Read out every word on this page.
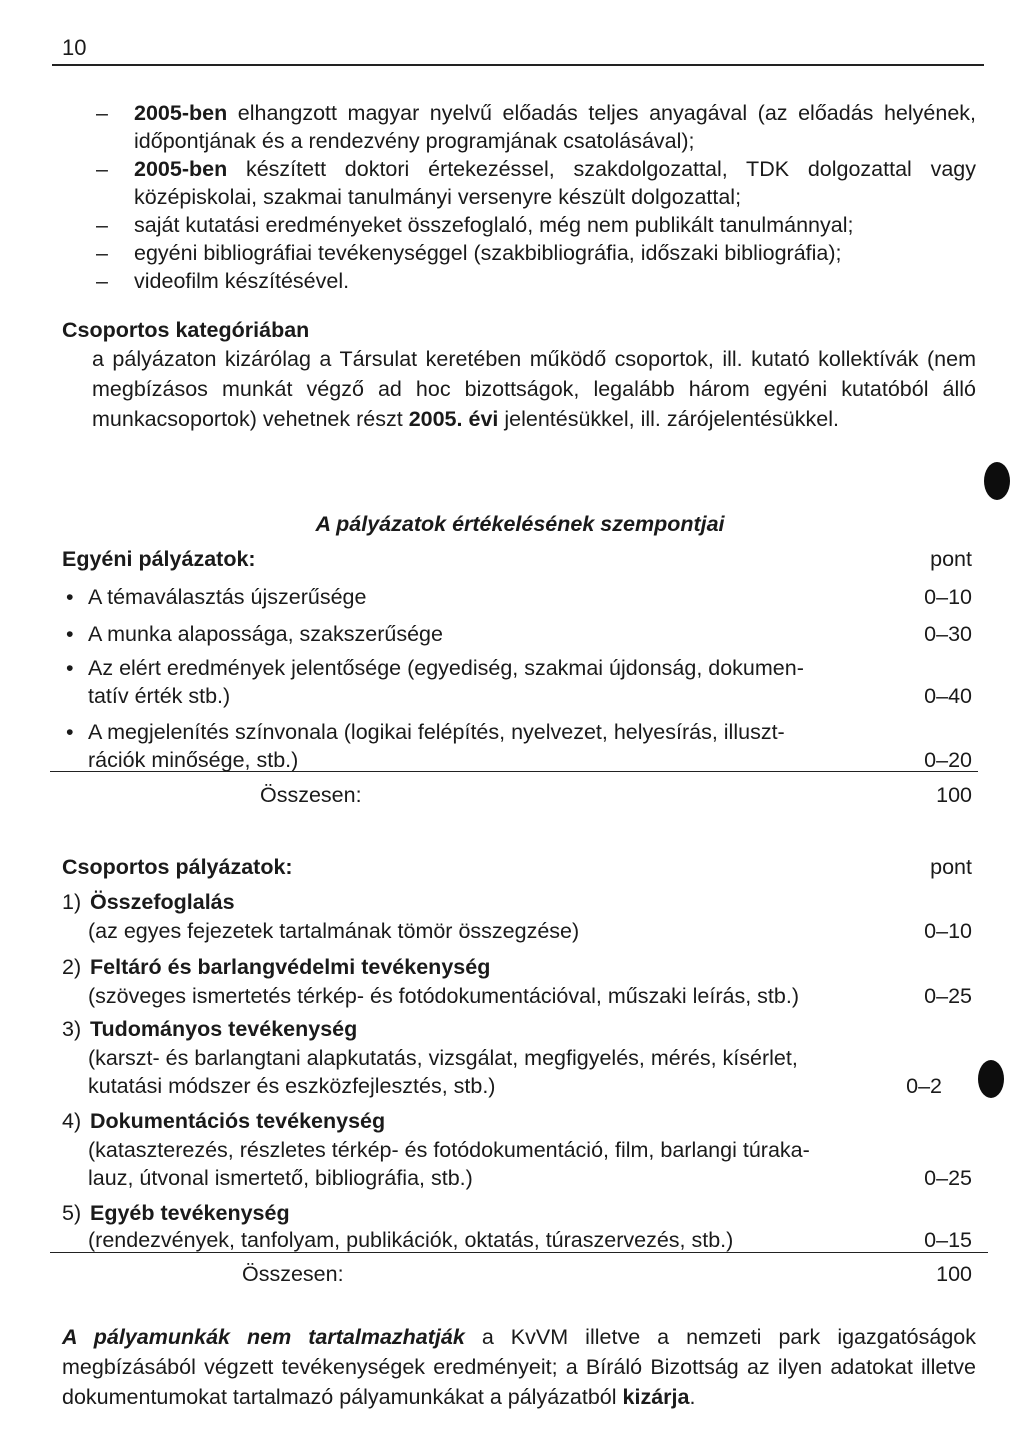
10
– 2005-ben elhangzott magyar nyelvű előadás teljes anyagával (az előadás helyének, időpontjának és a rendezvény programjának csatolásával);
– 2005-ben készített doktori értekezéssel, szakdolgozattal, TDK dolgozattal vagy középiskolai, szakmai tanulmányi versenyre készült dolgozattal;
– saját kutatási eredményeket összefoglaló, még nem publikált tanulmánnyal;
– egyéni bibliográfiai tevékenységgel (szakbibliográfia, időszaki bibliográfia);
– videofilm készítésével.
Csoportos kategóriában
a pályázaton kizárólag a Társulat keretében működő csoportok, ill. kutató kollektívák (nem megbízásos munkát végző ad hoc bizottságok, legalább három egyéni kutatóból álló munkacsoportok) vehetnek részt 2005. évi jelentésükkel, ill. zárójelentésükkel.
A pályázatok értékelésének szempontjai
Egyéni pályázatok:	pont
• A témaválasztás újszerűsége	0–10
• A munka alapossága, szakszerűsége	0–30
• Az elért eredmények jelentősége (egyediség, szakmai újdonság, dokumen-
tatív érték stb.)	0–40
• A megjelenítés színvonala (logikai felépítés, nyelvezet, helyesírás, illuszt-
rációk minősége, stb.)	0–20
Összesen:	100
Csoportos pályázatok:	pont
1) Összefoglalás
(az egyes fejezetek tartalmának tömör összegzése)	0–10
2) Feltáró és barlangvédelmi tevékenység
(szöveges ismertetés térkép- és fotódokumentációval, műszaki leírás, stb.)	0–25
3) Tudományos tevékenység
(karszt- és barlangtani alapkutatás, vizsgálat, megfigyelés, mérés, kísérlet,
kutatási módszer és eszközfejlesztés, stb.)	0–2
4) Dokumentációs tevékenység
(kataszterezés, részletes térkép- és fotódokumentáció, film, barlangi túraka-
lauz, útvonal ismertető, bibliográfia, stb.)	0–25
5) Egyéb tevékenység
(rendezvények, tanfolyam, publikációk, oktatás, túraszervezés, stb.)	0–15
Összesen:	100
A pályamunkák nem tartalmazhatják a KvVM illetve a nemzeti park igazgatóságok megbízásából végzett tevékenységek eredményeit; a Bíráló Bizottság az ilyen adatokat illetve dokumentumokat tartalmazó pályamunkákat a pályázatból kizárja.
